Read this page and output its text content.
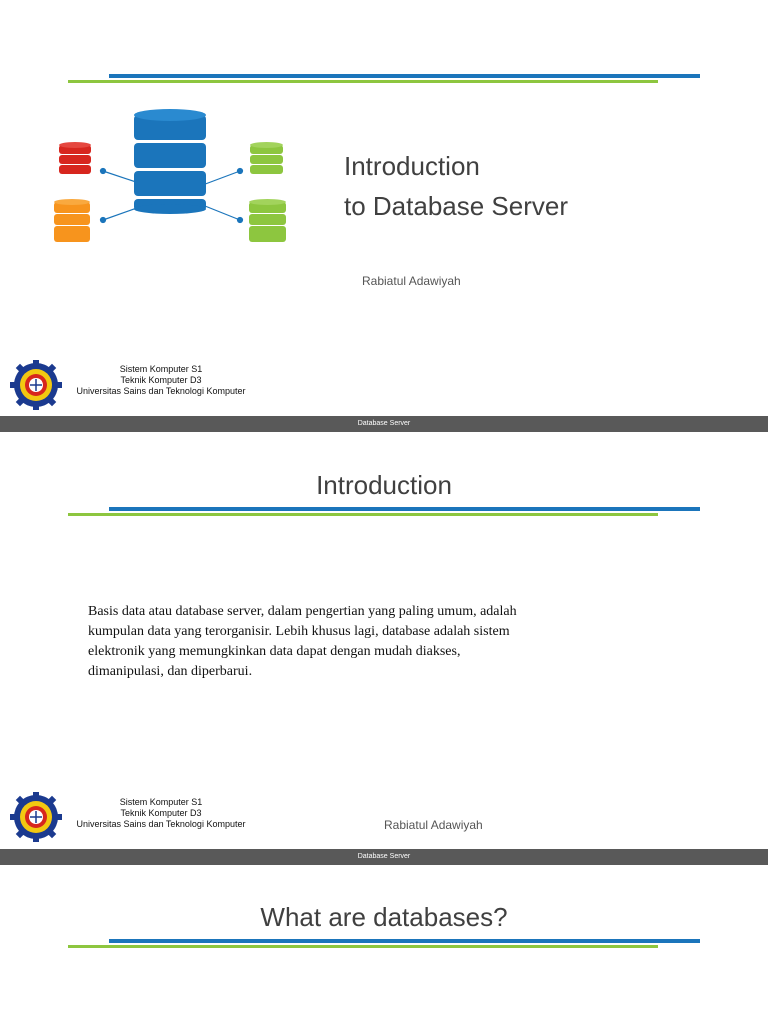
Introduction
to Database Server
Rabiatul Adawiyah
Sistem Komputer S1
Teknik Komputer D3
Universitas Sains dan Teknologi Komputer
Database Server
Introduction
Basis data atau database server, dalam pengertian yang paling umum, adalah kumpulan data yang terorganisir. Lebih khusus lagi, database adalah sistem elektronik yang memungkinkan data dapat dengan mudah diakses, dimanipulasi, dan diperbarui.
Sistem Komputer S1
Teknik Komputer D3
Universitas Sains dan Teknologi Komputer	Rabiatul Adawiyah
Database Server
What are databases?
